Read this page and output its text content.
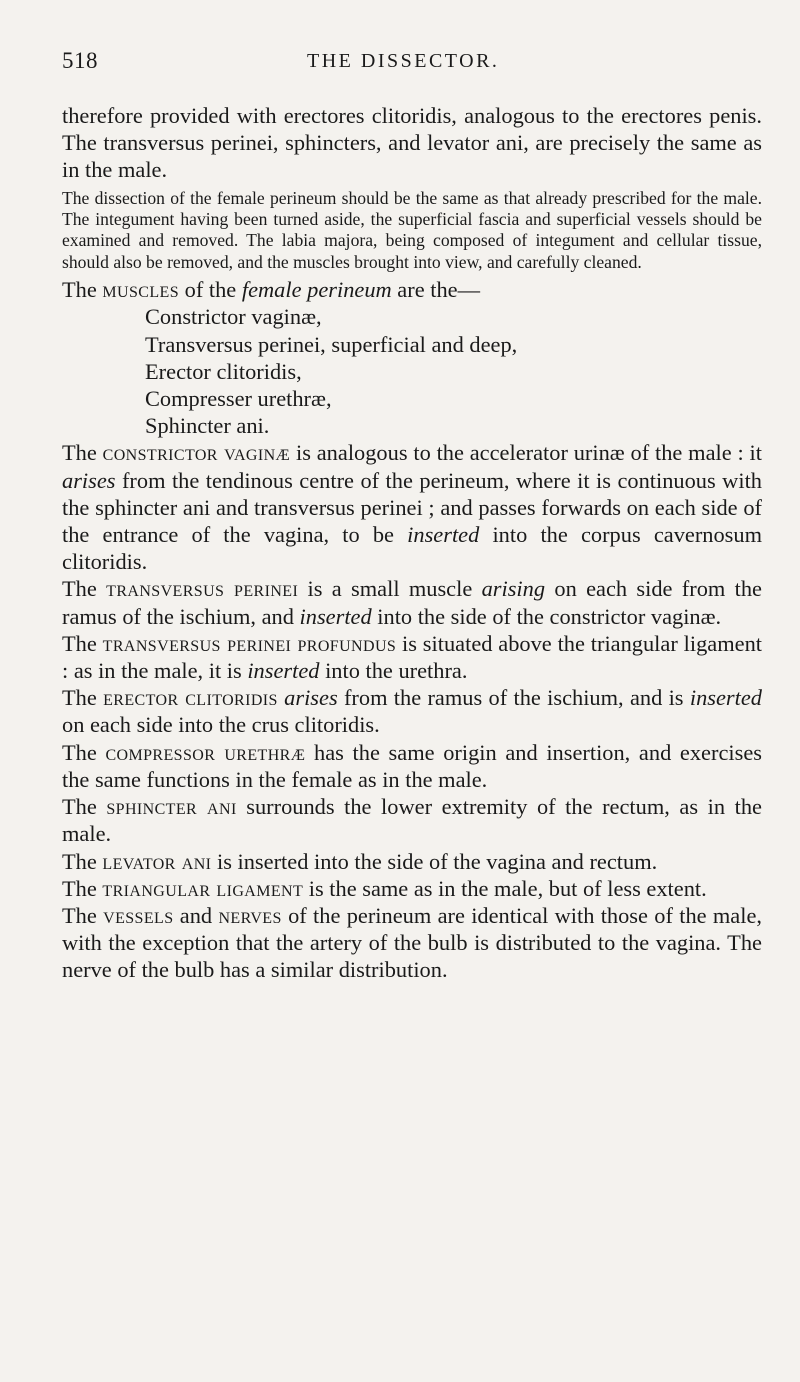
518	THE DISSECTOR.

therefore provided with erectores clitoridis, analogous to the erectores penis. The transversus perinei, sphincters, and levator ani, are precisely the same as in the male.

The dissection of the female perineum should be the same as that already prescribed for the male. The integument having been turned aside, the superficial fascia and superficial vessels should be examined and removed. The labia majora, being composed of integument and cellular tissue, should also be removed, and the muscles brought into view, and carefully cleaned.

The muscles of the female perineum are the—

Constrictor vaginæ,
Transversus perinei, superficial and deep,
Erector clitoridis,
Compresser urethræ,
Sphincter ani.

The constrictor vaginæ is analogous to the accelerator urinæ of the male : it arises from the tendinous centre of the perineum, where it is continuous with the sphincter ani and transversus perinei ; and passes forwards on each side of the entrance of the vagina, to be inserted into the corpus cavernosum clitoridis.

The transversus perinei is a small muscle arising on each side from the ramus of the ischium, and inserted into the side of the constrictor vaginæ.

The transversus perinei profundus is situated above the triangular ligament : as in the male, it is inserted into the urethra.

The erector clitoridis arises from the ramus of the ischium, and is inserted on each side into the crus clitoridis.

The compressor urethræ has the same origin and insertion, and exercises the same functions in the female as in the male.

The sphincter ani surrounds the lower extremity of the rectum, as in the male.

The levator ani is inserted into the side of the vagina and rectum.

The triangular ligament is the same as in the male, but of less extent.

The vessels and nerves of the perineum are identical with those of the male, with the exception that the artery of the bulb is distributed to the vagina. The nerve of the bulb has a similar distribution.
